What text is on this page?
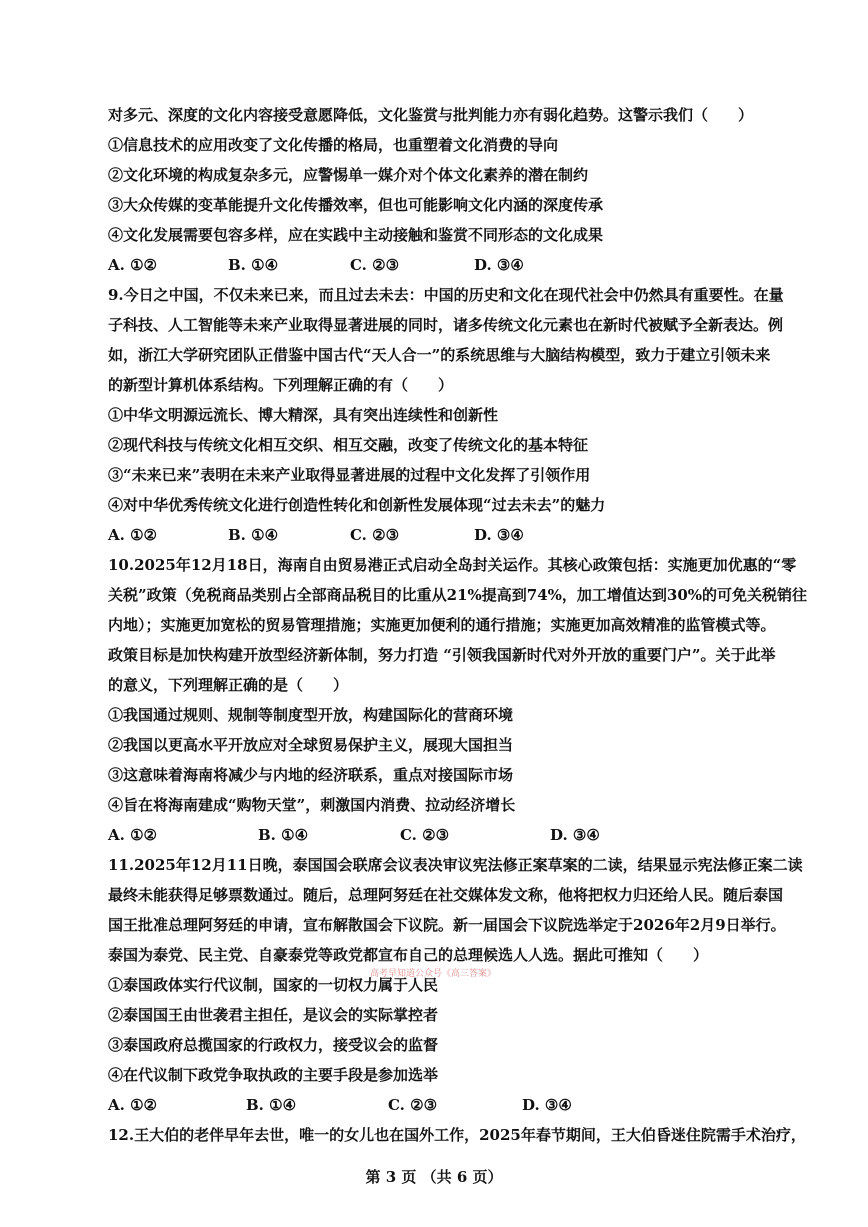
对多元、深度的文化内容接受意愿降低，文化鉴赏与批判能力亦有弱化趋势。这警示我们（　　）
①信息技术的应用改变了文化传播的格局，也重塑着文化消费的导向
②文化环境的构成复杂多元，应警惕单一媒介对个体文化素养的潜在制约
③大众传媒的变革能提升文化传播效率，但也可能影响文化内涵的深度传承
④文化发展需要包容多样，应在实践中主动接触和鉴赏不同形态的文化成果
A. ①②	B. ①④	C. ②③	D. ③④
9.今日之中国，不仅未来已来，而且过去未去：中国的历史和文化在现代社会中仍然具有重要性。在量
子科技、人工智能等未来产业取得显著进展的同时，诸多传统文化元素也在新时代被赋予全新表达。例
如，浙江大学研究团队正借鉴中国古代“天人合一”的系统思维与大脑结构模型，致力于建立引领未来
的新型计算机体系结构。下列理解正确的有（　　）
①中华文明源远流长、博大精深，具有突出连续性和创新性
②现代科技与传统文化相互交织、相互交融，改变了传统文化的基本特征
③“未来已来”表明在未来产业取得显著进展的过程中文化发挥了引领作用
④对中华优秀传统文化进行创造性转化和创新性发展体现“过去未去”的魅力
A. ①②	B. ①④	C. ②③	D. ③④
10.2025年12月18日，海南自由贸易港正式启动全岛封关运作。其核心政策包括：实施更加优惠的“零
关税”政策（免税商品类别占全部商品税目的比重从21%提高到74%，加工增值达到30%的可免关税销往
内地）；实施更加宽松的贸易管理措施；实施更加便利的通行措施；实施更加高效精准的监管模式等。
政策目标是加快构建开放型经济新体制，努力打造 “引领我国新时代对外开放的重要门户”。关于此举
的意义，下列理解正确的是（　　）
①我国通过规则、规制等制度型开放，构建国际化的营商环境
②我国以更高水平开放应对全球贸易保护主义，展现大国担当
③这意味着海南将减少与内地的经济联系，重点对接国际市场
④旨在将海南建成“购物天堂”，刺激国内消费、拉动经济增长
A. ①②	B. ①④	C. ②③	D. ③④
11.2025年12月11日晚，泰国国会联席会议表决审议宪法修正案草案的二读，结果显示宪法修正案二读
最终未能获得足够票数通过。随后，总理阿努廷在社交媒体发文称，他将把权力归还给人民。随后泰国
国王批准总理阿努廷的申请，宣布解散国会下议院。新一届国会下议院选举定于2026年2月9日举行。
泰国为泰党、民主党、自豪泰党等政党都宣布自己的总理候选人人选。据此可推知（　　）
①泰国政体实行代议制，国家的一切权力属于人民
②泰国国王由世袭君主担任，是议会的实际掌控者
③泰国政府总揽国家的行政权力，接受议会的监督
④在代议制下政党争取执政的主要手段是参加选举
A. ①②	B. ①④	C. ②③	D. ③④
12.王大伯的老伴早年去世，唯一的女儿也在国外工作，2025年春节期间，王大伯昏迷住院需手术治疗，
高考早知道公众号《高三答案》
第 3 页 （共 6 页）
